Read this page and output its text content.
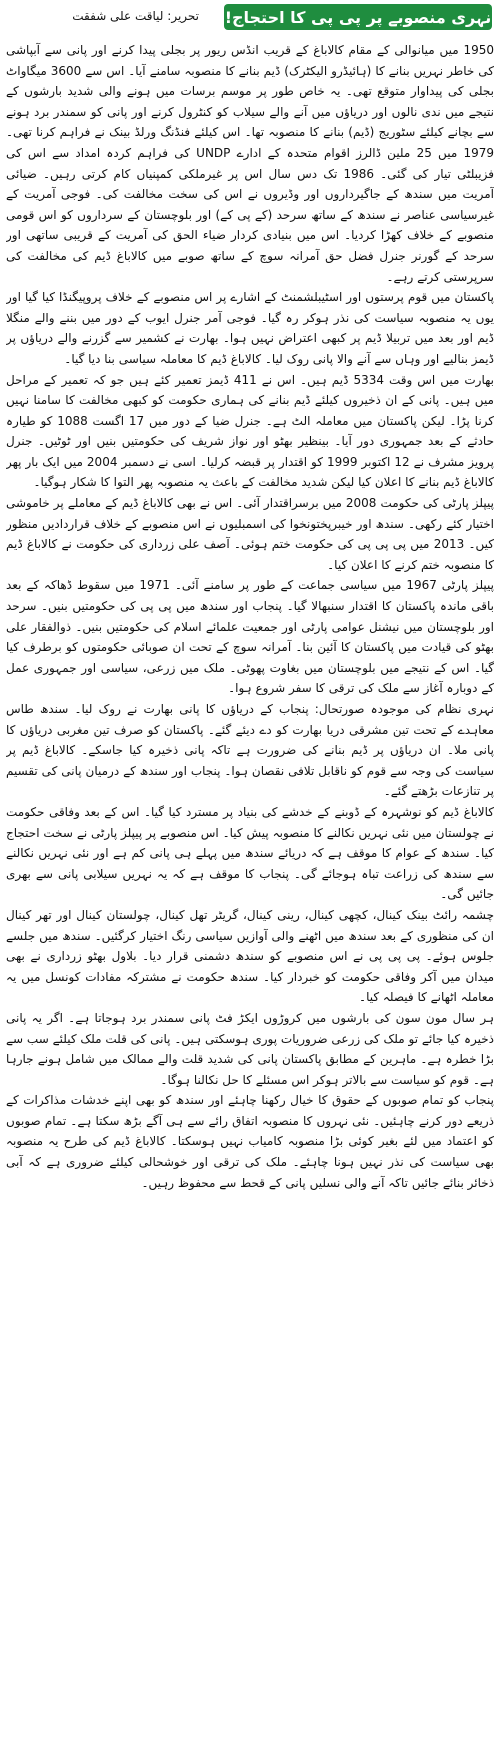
نہری منصوبے پر پی پی کا احتجاج!
تحریر: لیاقت علی شفقت

1950 میں میانوالی کے مقام کالاباغ کے قریب انڈس ریور پر بجلی پیدا کرنے اور پانی سے آبپاشی کی خاطر نہریں بنانے کا (ہائیڈرو الیکٹرک) ڈیم بنانے کا منصوبہ سامنے آیا۔ اس سے 3600 میگاواٹ بجلی کی پیداوار متوقع تھی۔ یہ خاص طور پر موسم برسات میں ہونے والی شدید بارشوں کے نتیجے میں ندی نالوں اور دریاؤں میں آنے والے سیلاب کو کنٹرول کرنے اور پانی کو سمندر برد ہونے سے بچانے کیلئے سٹوریج (ڈیم) بنانے کا منصوبہ تھا۔ اس کیلئے فنڈنگ ورلڈ بینک نے فراہم کرنا تھی۔ 1979 میں 25 ملین ڈالرز اقوام متحدہ کے ادارے UNDP کی فراہم کردہ امداد سے اس کی فزیبلٹی تیار کی گئی۔ 1986 تک دس سال اس پر غیرملکی کمپنیاں کام کرتی رہیں۔ ضیائی آمریت میں سندھ کے جاگیرداروں اور وڈیروں نے اس کی سخت مخالفت کی۔ فوجی آمریت کے غیرسیاسی عناصر نے سندھ کے ساتھ سرحد (کے پی کے) اور بلوچستان کے سرداروں کو اس قومی منصوبے کے خلاف کھڑا کردیا۔ اس میں بنیادی کردار ضیاء الحق کی آمریت کے قریبی ساتھی اور سرحد کے گورنر جنرل فضل حق آمرانہ سوچ کے ساتھ صوبے میں کالاباغ ڈیم کی مخالفت کی سرپرستی کرتے رہے۔

پاکستان میں قوم پرستوں اور اسٹیبلشمنٹ کے اشارے پر اس منصوبے کے خلاف پروپیگنڈا کیا گیا اور یوں یہ منصوبہ سیاست کی نذر ہوکر رہ گیا۔ فوجی آمر جنرل ایوب کے دور میں بننے والے منگلا ڈیم اور بعد میں تربیلا ڈیم پر کبھی اعتراض نہیں ہوا۔ بھارت نے کشمیر سے گزرنے والے دریاؤں پر ڈیمز بنالیے اور وہاں سے آنے والا پانی روک لیا۔ کالاباغ ڈیم کا معاملہ سیاسی بنا دیا گیا۔

بھارت میں اس وقت 5334 ڈیم ہیں۔ اس نے 411 ڈیمز تعمیر کئے ہیں جو کہ تعمیر کے مراحل میں ہیں۔ پانی کے ان ذخیروں کیلئے ڈیم بنانے کی ہماری حکومت کو کبھی مخالفت کا سامنا نہیں کرنا پڑا۔ لیکن پاکستان میں معاملہ الٹ ہے۔ جنرل ضیا کے دور میں 17 اگست 1088 کو طیارہ حادثے کے بعد جمہوری دور آیا۔ بینظیر بھٹو اور نواز شریف کی حکومتیں بنیں اور ٹوٹیں۔ جنرل پرویز مشرف نے 12 اکتوبر 1999 کو اقتدار پر قبضہ کرلیا۔ اسی نے دسمبر 2004 میں ایک بار پھر کالاباغ ڈیم بنانے کا اعلان کیا لیکن شدید مخالفت کے باعث یہ منصوبہ پھر التوا کا شکار ہوگیا۔

پیپلز پارٹی کی حکومت 2008 میں برسراقتدار آئی۔ اس نے بھی کالاباغ ڈیم کے معاملے پر خاموشی اختیار کئے رکھی۔ سندھ اور خیبرپختونخوا کی اسمبلیوں نے اس منصوبے کے خلاف قراردادیں منظور کیں۔ 2013 میں پی پی پی کی حکومت ختم ہوئی۔ آصف علی زرداری کی حکومت نے کالاباغ ڈیم کا منصوبہ ختم کرنے کا اعلان کیا۔

پیپلز پارٹی 1967 میں سیاسی جماعت کے طور پر سامنے آئی۔ 1971 میں سقوط ڈھاکہ کے بعد باقی ماندہ پاکستان کا اقتدار سنبھالا گیا۔ پنجاب اور سندھ میں پی پی کی حکومتیں بنیں۔ سرحد اور بلوچستان میں نیشنل عوامی پارٹی اور جمعیت علمائے اسلام کی حکومتیں بنیں۔ ذوالفقار علی بھٹو کی قیادت میں پاکستان کا آئین بنا۔ آمرانہ سوچ کے تحت ان صوبائی حکومتوں کو برطرف کیا گیا۔ اس کے نتیجے میں بلوچستان میں بغاوت پھوٹی۔ ملک میں زرعی، سیاسی اور جمہوری عمل کے دوبارہ آغاز سے ملک کی ترقی کا سفر شروع ہوا۔

نہری نظام کی موجودہ صورتحال: پنجاب کے دریاؤں کا پانی بھارت نے روک لیا۔ سندھ طاس معاہدے کے تحت تین مشرقی دریا بھارت کو دے دیئے گئے۔ پاکستان کو صرف تین مغربی دریاؤں کا پانی ملا۔ ان دریاؤں پر ڈیم بنانے کی ضرورت ہے تاکہ پانی ذخیرہ کیا جاسکے۔ کالاباغ ڈیم پر سیاست کی وجہ سے قوم کو ناقابل تلافی نقصان ہوا۔ پنجاب اور سندھ کے درمیان پانی کی تقسیم پر تنازعات بڑھتے گئے۔

کالاباغ ڈیم کو نوشہرہ کے ڈوبنے کے خدشے کی بنیاد پر مسترد کیا گیا۔ اس کے بعد وفاقی حکومت نے چولستان میں نئی نہریں نکالنے کا منصوبہ پیش کیا۔ اس منصوبے پر پیپلز پارٹی نے سخت احتجاج کیا۔ سندھ کے عوام کا موقف ہے کہ دریائے سندھ میں پہلے ہی پانی کم ہے اور نئی نہریں نکالنے سے سندھ کی زراعت تباہ ہوجائے گی۔ پنجاب کا موقف ہے کہ یہ نہریں سیلابی پانی سے بھری جائیں گی۔

چشمہ رائٹ بینک کینال، کچھی کینال، رینی کینال، گریٹر تھل کینال، چولستان کینال اور تھر کینال ان کی منظوری کے بعد سندھ میں اٹھنے والی آوازیں سیاسی رنگ اختیار کرگئیں۔ سندھ میں جلسے جلوس ہوئے۔ پی پی پی نے اس منصوبے کو سندھ دشمنی قرار دیا۔ بلاول بھٹو زرداری نے بھی میدان میں آکر وفاقی حکومت کو خبردار کیا۔ سندھ حکومت نے مشترکہ مفادات کونسل میں یہ معاملہ اٹھانے کا فیصلہ کیا۔

ہر سال مون سون کی بارشوں میں کروڑوں ایکڑ فٹ پانی سمندر برد ہوجاتا ہے۔ اگر یہ پانی ذخیرہ کیا جائے تو ملک کی زرعی ضروریات پوری ہوسکتی ہیں۔ پانی کی قلت ملک کیلئے سب سے بڑا خطرہ ہے۔ ماہرین کے مطابق پاکستان پانی کی شدید قلت والے ممالک میں شامل ہونے جارہا ہے۔ قوم کو سیاست سے بالاتر ہوکر اس مسئلے کا حل نکالنا ہوگا۔

پنجاب کو تمام صوبوں کے حقوق کا خیال رکھنا چاہئے اور سندھ کو بھی اپنے خدشات مذاکرات کے ذریعے دور کرنے چاہئیں۔ نئی نہروں کا منصوبہ اتفاق رائے سے ہی آگے بڑھ سکتا ہے۔ تمام صوبوں کو اعتماد میں لئے بغیر کوئی بڑا منصوبہ کامیاب نہیں ہوسکتا۔ کالاباغ ڈیم کی طرح یہ منصوبہ بھی سیاست کی نذر نہیں ہونا چاہئے۔ ملک کی ترقی اور خوشحالی کیلئے ضروری ہے کہ آبی ذخائر بنائے جائیں تاکہ آنے والی نسلیں پانی کے قحط سے محفوظ رہیں۔
